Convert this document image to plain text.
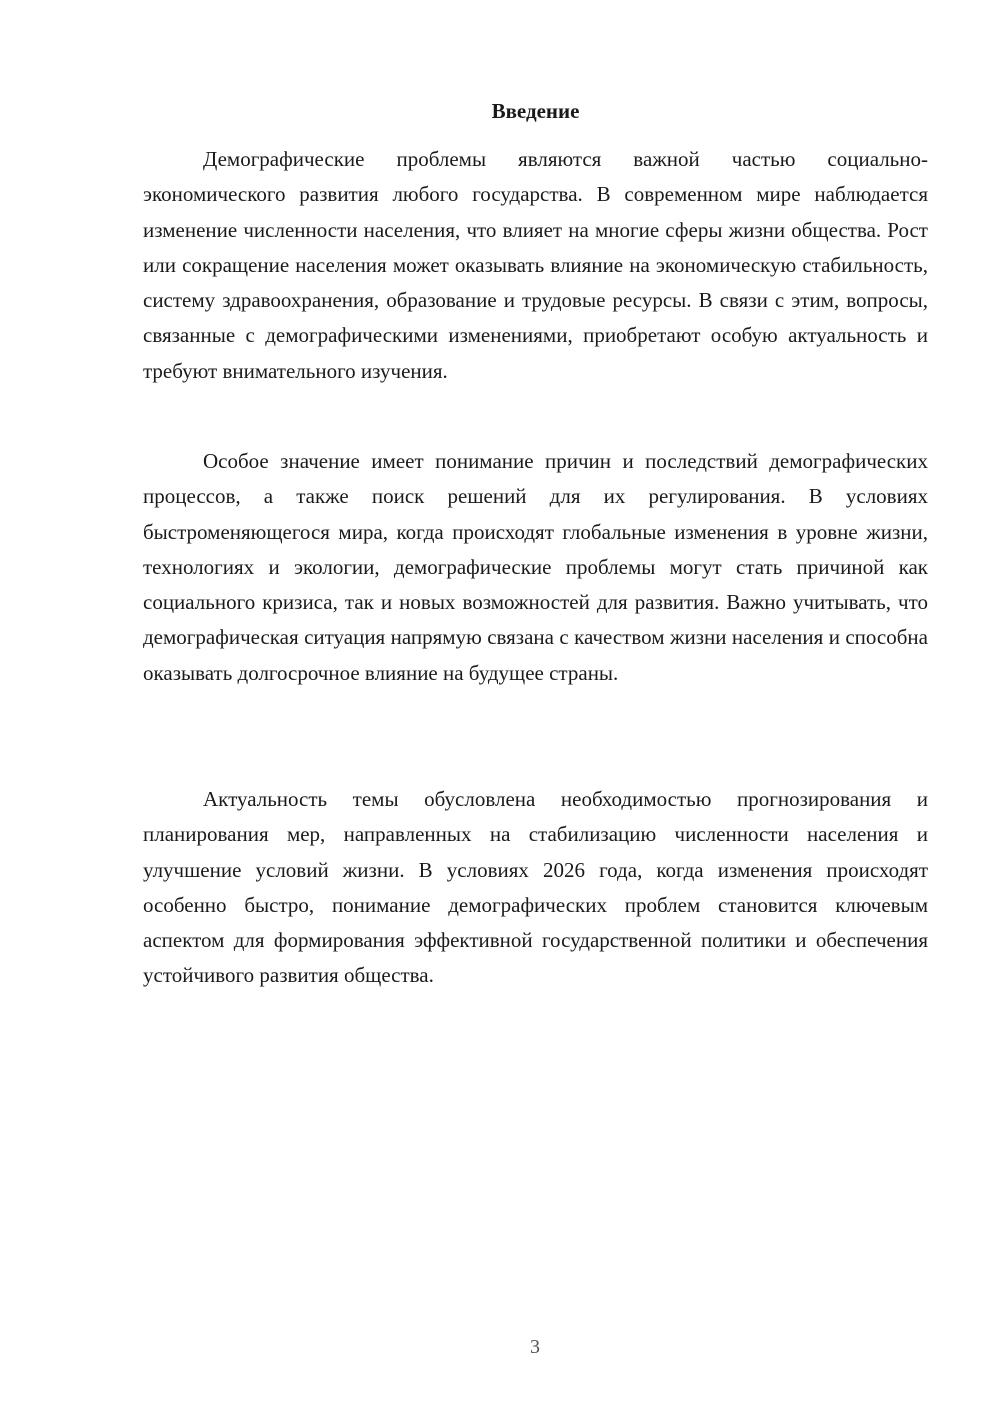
Введение

Демографические проблемы являются важной частью социально-экономического развития любого государства. В современном мире наблюдается изменение численности населения, что влияет на многие сферы жизни общества. Рост или сокращение населения может оказывать влияние на экономическую стабильность, систему здравоохранения, образование и трудовые ресурсы. В связи с этим, вопросы, связанные с демографическими изменениями, приобретают особую актуальность и требуют внимательного изучения.

Особое значение имеет понимание причин и последствий демографических процессов, а также поиск решений для их регулирования. В условиях быстроменяющегося мира, когда происходят глобальные изменения в уровне жизни, технологиях и экологии, демографические проблемы могут стать причиной как социального кризиса, так и новых возможностей для развития. Важно учитывать, что демографическая ситуация напрямую связана с качеством жизни населения и способна оказывать долгосрочное влияние на будущее страны.

Актуальность темы обусловлена необходимостью прогнозирования и планирования мер, направленных на стабилизацию численности населения и улучшение условий жизни. В условиях 2026 года, когда изменения происходят особенно быстро, понимание демографических проблем становится ключевым аспектом для формирования эффективной государственной политики и обеспечения устойчивого развития общества.

3
